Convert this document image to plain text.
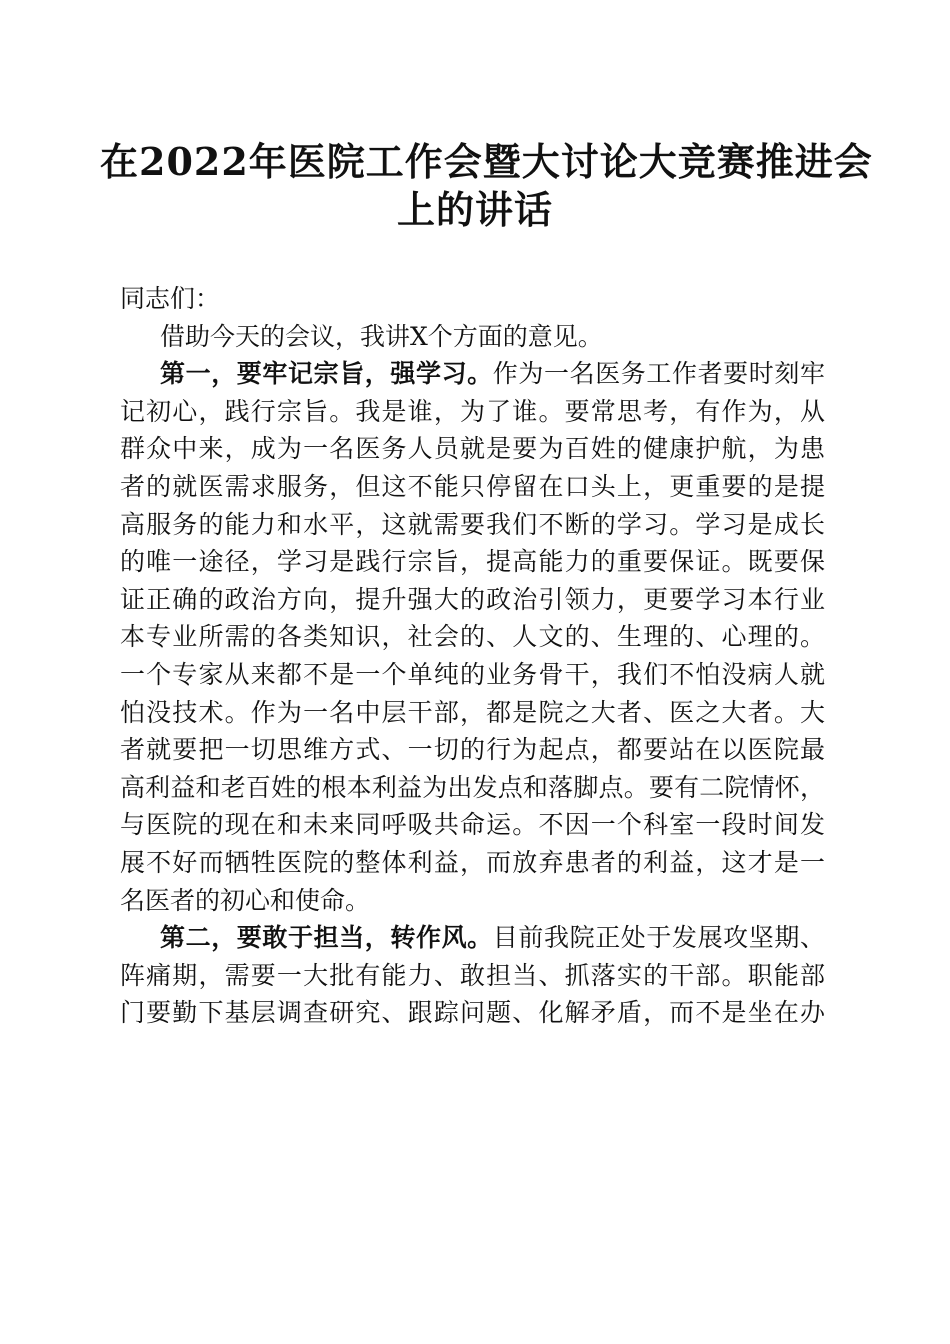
在2022年医院工作会暨大讨论大竞赛推进会
上的讲话
同志们：
借助今天的会议，我讲X个方面的意见。
第一，要牢记宗旨，强学习。作为一名医务工作者要时刻牢
记初心，践行宗旨。我是谁，为了谁。要常思考，有作为，从
群众中来，成为一名医务人员就是要为百姓的健康护航，为患
者的就医需求服务，但这不能只停留在口头上，更重要的是提
高服务的能力和水平，这就需要我们不断的学习。学习是成长
的唯一途径，学习是践行宗旨，提高能力的重要保证。既要保
证正确的政治方向，提升强大的政治引领力，更要学习本行业
本专业所需的各类知识，社会的、人文的、生理的、心理的。
一个专家从来都不是一个单纯的业务骨干，我们不怕没病人就
怕没技术。作为一名中层干部，都是院之大者、医之大者。大
者就要把一切思维方式、一切的行为起点，都要站在以医院最
高利益和老百姓的根本利益为出发点和落脚点。要有二院情怀，
与医院的现在和未来同呼吸共命运。不因一个科室一段时间发
展不好而牺牲医院的整体利益，而放弃患者的利益，这才是一
名医者的初心和使命。
第二，要敢于担当，转作风。目前我院正处于发展攻坚期、
阵痛期，需要一大批有能力、敢担当、抓落实的干部。职能部
门要勤下基层调查研究、跟踪问题、化解矛盾，而不是坐在办
